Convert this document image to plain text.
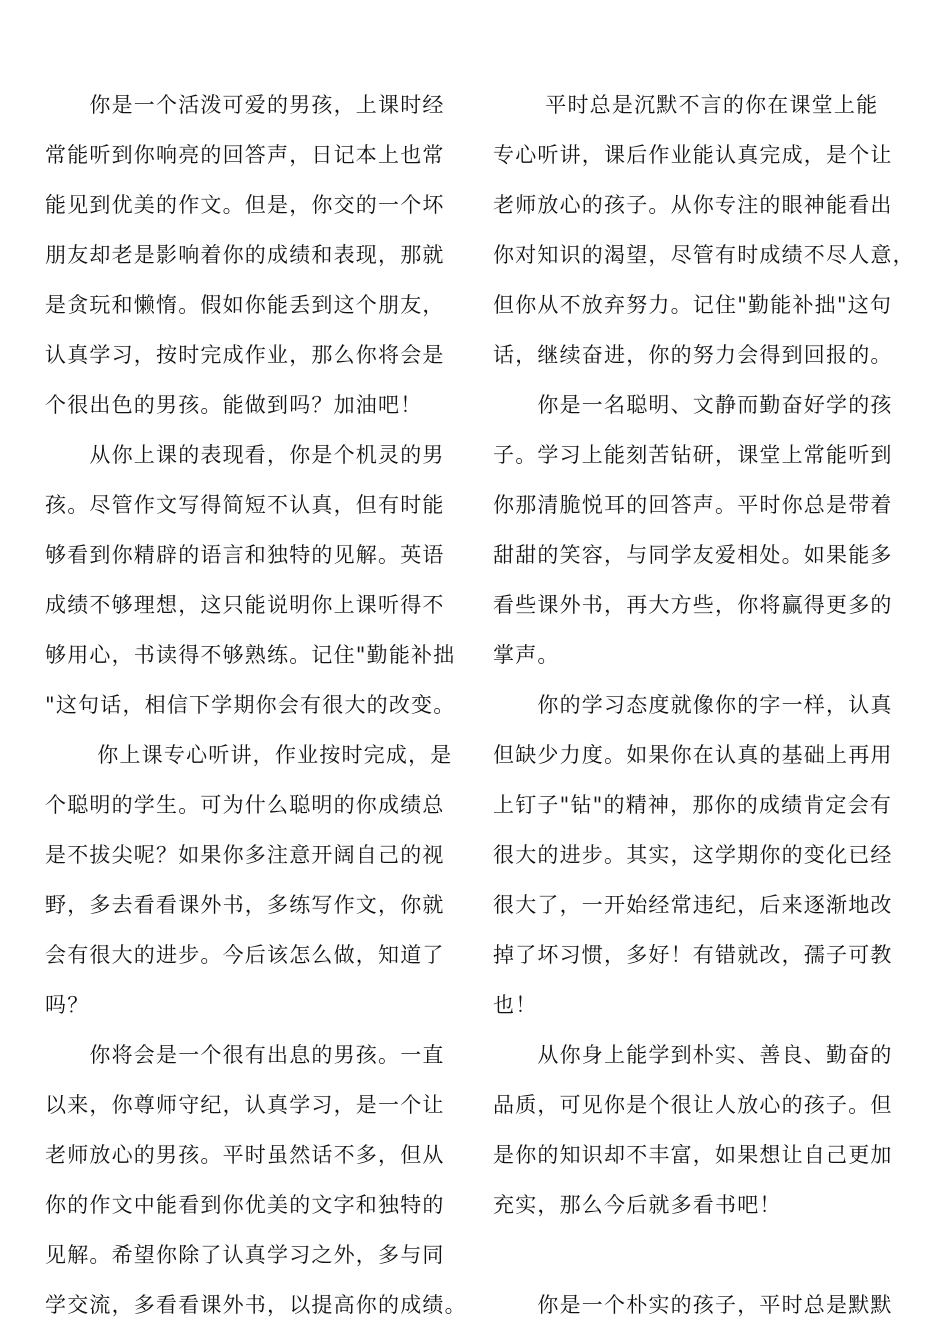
　　你是一个活泼可爱的男孩，上课时经
常能听到你响亮的回答声，日记本上也常
能见到优美的作文。但是，你交的一个坏
朋友却老是影响着你的成绩和表现，那就
是贪玩和懒惰。假如你能丢到这个朋友，
认真学习，按时完成作业，那么你将会是
个很出色的男孩。能做到吗？加油吧！

　　从你上课的表现看，你是个机灵的男
孩。尽管作文写得简短不认真，但有时能
够看到你精辟的语言和独特的见解。英语
成绩不够理想，这只能说明你上课听得不
够用心，书读得不够熟练。记住"勤能补拙
"这句话，相信下学期你会有很大的改变。

　　 你上课专心听讲，作业按时完成，是
个聪明的学生。可为什么聪明的你成绩总
是不拔尖呢？如果你多注意开阔自己的视
野，多去看看课外书，多练写作文，你就
会有很大的进步。今后该怎么做，知道了
吗？

　　你将会是一个很有出息的男孩。一直
以来，你尊师守纪，认真学习，是一个让
老师放心的男孩。平时虽然话不多，但从
你的作文中能看到你优美的文字和独特的
见解。希望你除了认真学习之外，多与同
学交流，多看看课外书，以提高你的成绩。

　　 平时总是沉默不言的你在课堂上能
专心听讲，课后作业能认真完成，是个让
老师放心的孩子。从你专注的眼神能看出
你对知识的渴望，尽管有时成绩不尽人意，
但你从不放弃努力。记住"勤能补拙"这句
话，继续奋进，你的努力会得到回报的。

　　你是一名聪明、文静而勤奋好学的孩
子。学习上能刻苦钻研，课堂上常能听到
你那清脆悦耳的回答声。平时你总是带着
甜甜的笑容，与同学友爱相处。如果能多
看些课外书，再大方些，你将赢得更多的
掌声。

　　你的学习态度就像你的字一样，认真
但缺少力度。如果你在认真的基础上再用
上钉子"钻"的精神，那你的成绩肯定会有
很大的进步。其实，这学期你的变化已经
很大了，一开始经常违纪，后来逐渐地改
掉了坏习惯，多好！有错就改，孺子可教
也！

　　从你身上能学到朴实、善良、勤奋的
品质，可见你是个很让人放心的孩子。但
是你的知识却不丰富，如果想让自己更加
充实，那么今后就多看书吧！

　　你是一个朴实的孩子，平时总是默默
